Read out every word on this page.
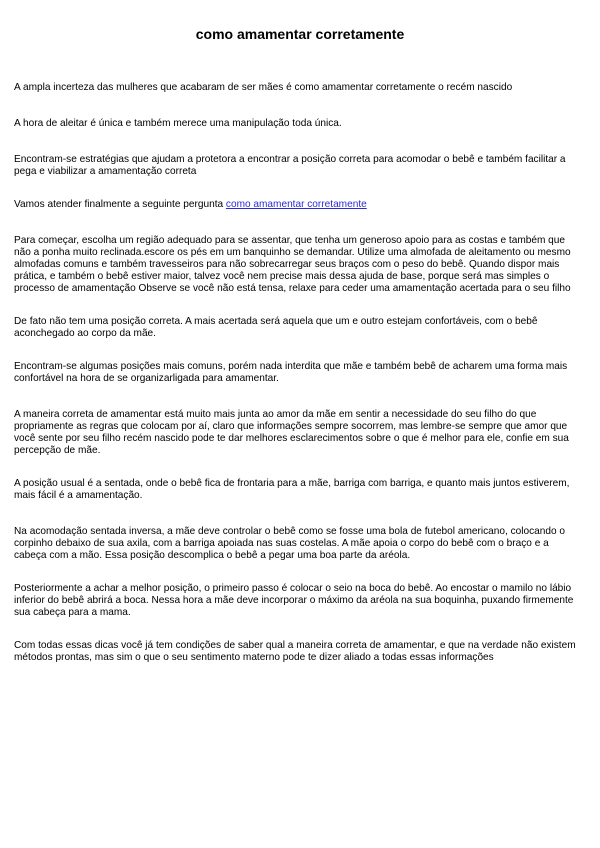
como amamentar corretamente

A ampla incerteza das mulheres que acabaram de ser mães é como amamentar corretamente o recém nascido

A hora de aleitar é única e também merece uma manipulação toda única.

Encontram-se estratégias que ajudam a protetora a encontrar a posição correta para acomodar o bebê e também facilitar a pega e viabilizar a amamentação correta

Vamos atender finalmente a seguinte pergunta como amamentar corretamente

Para começar, escolha um região adequado para se assentar, que tenha um generoso apoio para as costas e também que não a ponha muito reclinada.escore os pés em um banquinho se demandar. Utilize uma almofada de aleitamento ou mesmo almofadas comuns e também travesseiros para não sobrecarregar seus braços com o peso do bebê. Quando dispor mais prática, e também o bebê estiver maior, talvez você nem precise mais dessa ajuda de base, porque será mas simples o processo de amamentação Observe se você não está tensa, relaxe para ceder uma amamentação acertada para o seu filho

De fato não tem uma posição correta. A mais acertada será aquela que um e outro estejam confortáveis, com o bebê aconchegado ao corpo da mãe.

Encontram-se algumas posições mais comuns, porém nada interdita que mãe e também bebê de acharem uma forma mais confortável na hora de se organizarligada para amamentar.

A maneira correta de amamentar está muito mais junta ao amor da mãe em sentir a necessidade do seu filho do que propriamente as regras que colocam por aí, claro que informações sempre socorrem, mas lembre-se sempre que amor que você sente por seu filho recém nascido pode te dar melhores esclarecimentos sobre o que é melhor para ele, confie em sua percepção de mãe.

A posição usual é a sentada, onde o bebê fica de frontaria para a mãe, barriga com barriga, e quanto mais juntos estiverem, mais fácil é a amamentação.

Na acomodação sentada inversa, a mãe deve controlar o bebê como se fosse uma bola de futebol americano, colocando o corpinho debaixo de sua axila, com a barriga apoiada nas suas costelas. A mãe apoia o corpo do bebê com o braço e a cabeça com a mão. Essa posição descomplica o bebê a pegar uma boa parte da aréola.

Posteriormente a achar a melhor posição, o primeiro passo é colocar o seio na boca do bebê. Ao encostar o mamilo no lábio inferior do bebê abrirá a boca. Nessa hora a mãe deve incorporar o máximo da aréola na sua boquinha, puxando firmemente sua cabeça para a mama.

Com todas essas dicas você já tem condições de saber qual a maneira correta de amamentar, e que na verdade não existem métodos prontas, mas sim o que o seu sentimento materno pode te dizer aliado a todas essas informações
